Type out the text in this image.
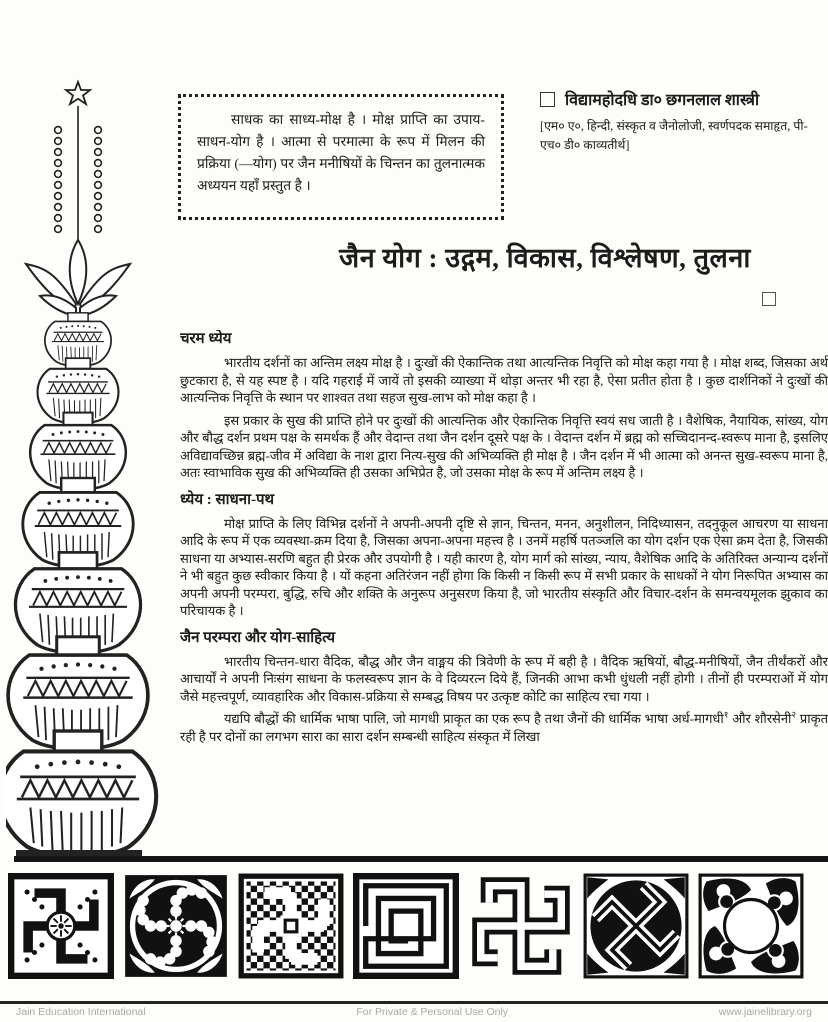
साधक का साध्य-मोक्ष है । मोक्ष प्राप्ति का उपाय-साधन-योग है । आत्मा से परमात्मा के रूप में मिलन की प्रक्रिया (—योग) पर जैन मनीषियों के चिन्तन का तुलनात्मक अध्ययन यहाँ प्रस्तुत है ।

विद्यामहोदधि डा० छगनलाल शास्त्री
[एम० ए०, हिन्दी, संस्कृत व जैनोलोजी, स्वर्णपदक समाहृत, पी-एच० डी० काव्यतीर्थ]
जैन योग : उद्गम, विकास, विश्लेषण, तुलना
चरम ध्येय

भारतीय दर्शनों का अन्तिम लक्ष्य मोक्ष है । दुःखों की ऐकान्तिक तथा आत्यन्तिक निवृत्ति को मोक्ष कहा गया है । मोक्ष शब्द, जिसका अर्थ छुटकारा है, से यह स्पष्ट है । यदि गहराई में जायें तो इसकी व्याख्या में थोड़ा अन्तर भी रहा है, ऐसा प्रतीत होता है । कुछ दार्शनिकों ने दुःखों की आत्यन्तिक निवृत्ति के स्थान पर शाश्वत तथा सहज सुख-लाभ को मोक्ष कहा है ।

इस प्रकार के सुख की प्राप्ति होने पर दुःखों की आत्यन्तिक और ऐकान्तिक निवृत्ति स्वयं सध जाती है । वैशेषिक, नैयायिक, सांख्य, योग और बौद्ध दर्शन प्रथम पक्ष के समर्थक हैं और वेदान्त तथा जैन दर्शन दूसरे पक्ष के । वेदान्त दर्शन में ब्रह्म को सच्चिदानन्द-स्वरूप माना है, इसलिए अविद्यावच्छिन्न ब्रह्म-जीव में अविद्या के नाश द्वारा नित्य-सुख की अभिव्यक्ति ही मोक्ष है । जैन दर्शन में भी आत्मा को अनन्त सुख-स्वरूप माना है, अतः स्वाभाविक सुख की अभिव्यक्ति ही उसका अभिप्रेत है, जो उसका मोक्ष के रूप में अन्तिम लक्ष्य है ।

ध्येय : साधना-पथ

मोक्ष प्राप्ति के लिए विभिन्न दर्शनों ने अपनी-अपनी दृष्टि से ज्ञान, चिन्तन, मनन, अनुशीलन, निदिध्यासन, तदनुकूल आचरण या साधना आदि के रूप में एक व्यवस्था-क्रम दिया है, जिसका अपना-अपना महत्त्व है । उनमें महर्षि पतञ्जलि का योग दर्शन एक ऐसा क्रम देता है, जिसकी साधना या अभ्यास-सरणि बहुत ही प्रेरक और उपयोगी है । यही कारण है, योग मार्ग को सांख्य, न्याय, वैशेषिक आदि के अतिरिक्त अन्यान्य दर्शनों ने भी बहुत कुछ स्वीकार किया है । यों कहना अतिरंजन नहीं होगा कि किसी न किसी रूप में सभी प्रकार के साधकों ने योग निरूपित अभ्यास का अपनी अपनी परम्परा, बुद्धि, रुचि और शक्ति के अनुरूप अनुसरण किया है, जो भारतीय संस्कृति और विचार-दर्शन के समन्वयमूलक झुकाव का परिचायक है ।

जैन परम्परा और योग-साहित्य

भारतीय चिन्तन-धारा वैदिक, बौद्ध और जैन वाङ्मय की त्रिवेणी के रूप में बही है । वैदिक ऋषियों, बौद्ध-मनीषियों, जैन तीर्थंकरों और आचार्यों ने अपनी निःसंग साधना के फलस्वरूप ज्ञान के वे दिव्यरत्न दिये हैं, जिनकी आभा कभी धुंधली नहीं होगी । तीनों ही परम्पराओं में योग जैसे महत्त्वपूर्ण, व्यावहारिक और विकास-प्रक्रिया से सम्बद्ध विषय पर उत्कृष्ट कोटि का साहित्य रचा गया ।

यद्यपि बौद्धों की धार्मिक भाषा पालि, जो मागधी प्राकृत का एक रूप है तथा जैनों की धार्मिक भाषा अर्ध-मागधी$^१$ और शौरसेनी$^२$ प्राकृत रही है पर दोनों का लगभग सारा का सारा दर्शन सम्बन्धी साहित्य संस्कृत में लिखा

Jain Education International	For Private & Personal Use Only	www.jainelibrary.org
